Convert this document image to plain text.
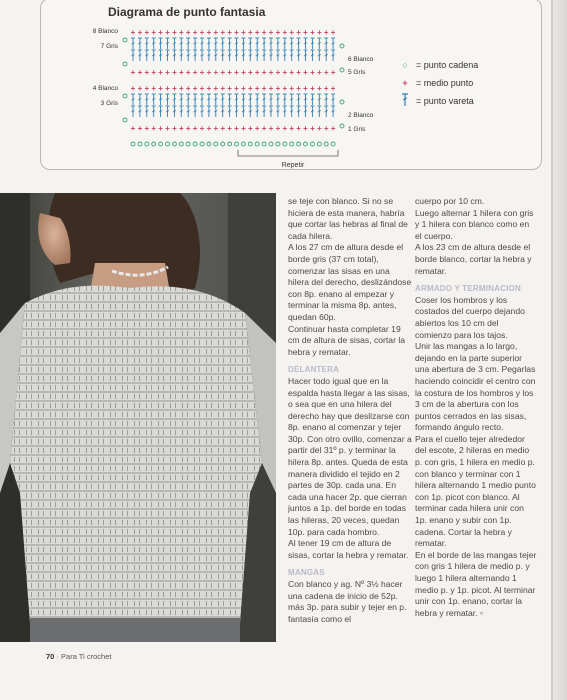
Diagrama de punto fantasia
+ + + + + + + + + + + + + + + + + + + + + + + + + + + + + +
+ + + + + + + + + + + + + + + + + + + + + + + + + + + + + +
+ + + + + + + + + + + + + + + + + + + + + + + + + + + + + +
+ + + + + + + + + + + + + + + + + + + + + + + + + + + + + +
8 Blanco
7 Gris
4 Blanco
3 Gris
6 Blanco
5 Gris
2 Blanco
1 Gris
Repetir
○ = punto cadena
+ = medio punto
= punto vareta

se teje con blanco. Si no se hiciera de esta manera, habría que cortar las hebras al final de cada hilera.

A los 27 cm de altura desde el borde gris (37 cm total), comenzar las sisas en una hilera del derecho, deslizándose con 8p. enano al empezar y terminar la misma 8p. antes, quedan 60p.

Continuar hasta completar 19 cm de altura de sisas, cortar la hebra y rematar.

DELANTERA

Hacer todo igual que en la espalda hasta llegar a las sisas, o sea que en una hilera del derecho hay que deslizarse con 8p. enano al comenzar y tejer 30p. Con otro ovillo, comenzar a partir del 31º p. y terminar la hilera 8p. antes. Queda de esta manera dividido el tejido en 2 partes de 30p. cada una. En cada una hacer 2p. que cierran juntos a 1p. del borde en todas las hileras, 20 veces, quedan 10p. para cada hombro.

Al tener 19 cm de altura de sisas, cortar la hebra y rematar.

MANGAS

Con blanco y ag. Nº 3½ hacer una cadena de inicio de 52p. más 3p. para subir y tejer en p. fantasía como el

cuerpo por 10 cm.

Luego alternar 1 hilera con gris y 1 hilera con blanco como en el cuerpo.

A los 23 cm de altura desde el borde blanco, cortar la hebra y rematar.

ARMADO Y TERMINACION

Coser los hombros y los costados del cuerpo dejando abiertos los 10 cm del comienzo para los tajos.

Unir las mangas a lo largo, dejando en la parte superior una abertura de 3 cm. Pegarlas haciendo coincidir el centro con la costura de los hombros y los 3 cm de la abertura con los puntos cerrados en las sisas, formando ángulo recto.

Para el cuello tejer alrededor del escote, 2 hileras en medio p. con gris, 1 hilera en medio p. con blanco y terminar con 1 hilera alternando 1 medio punto con 1p. picot con blanco. Al terminar cada hilera unir con 1p. enano y subir con 1p. cadena. Cortar la hebra y rematar.

En el borde de las mangas tejer con gris 1 hilera de medio p. y luego 1 hilera alternando 1 medio p. y 1p. picot. Al terminar unir con 1p. enano, cortar la hebra y rematar. ▫

70 · Para Ti crochet
